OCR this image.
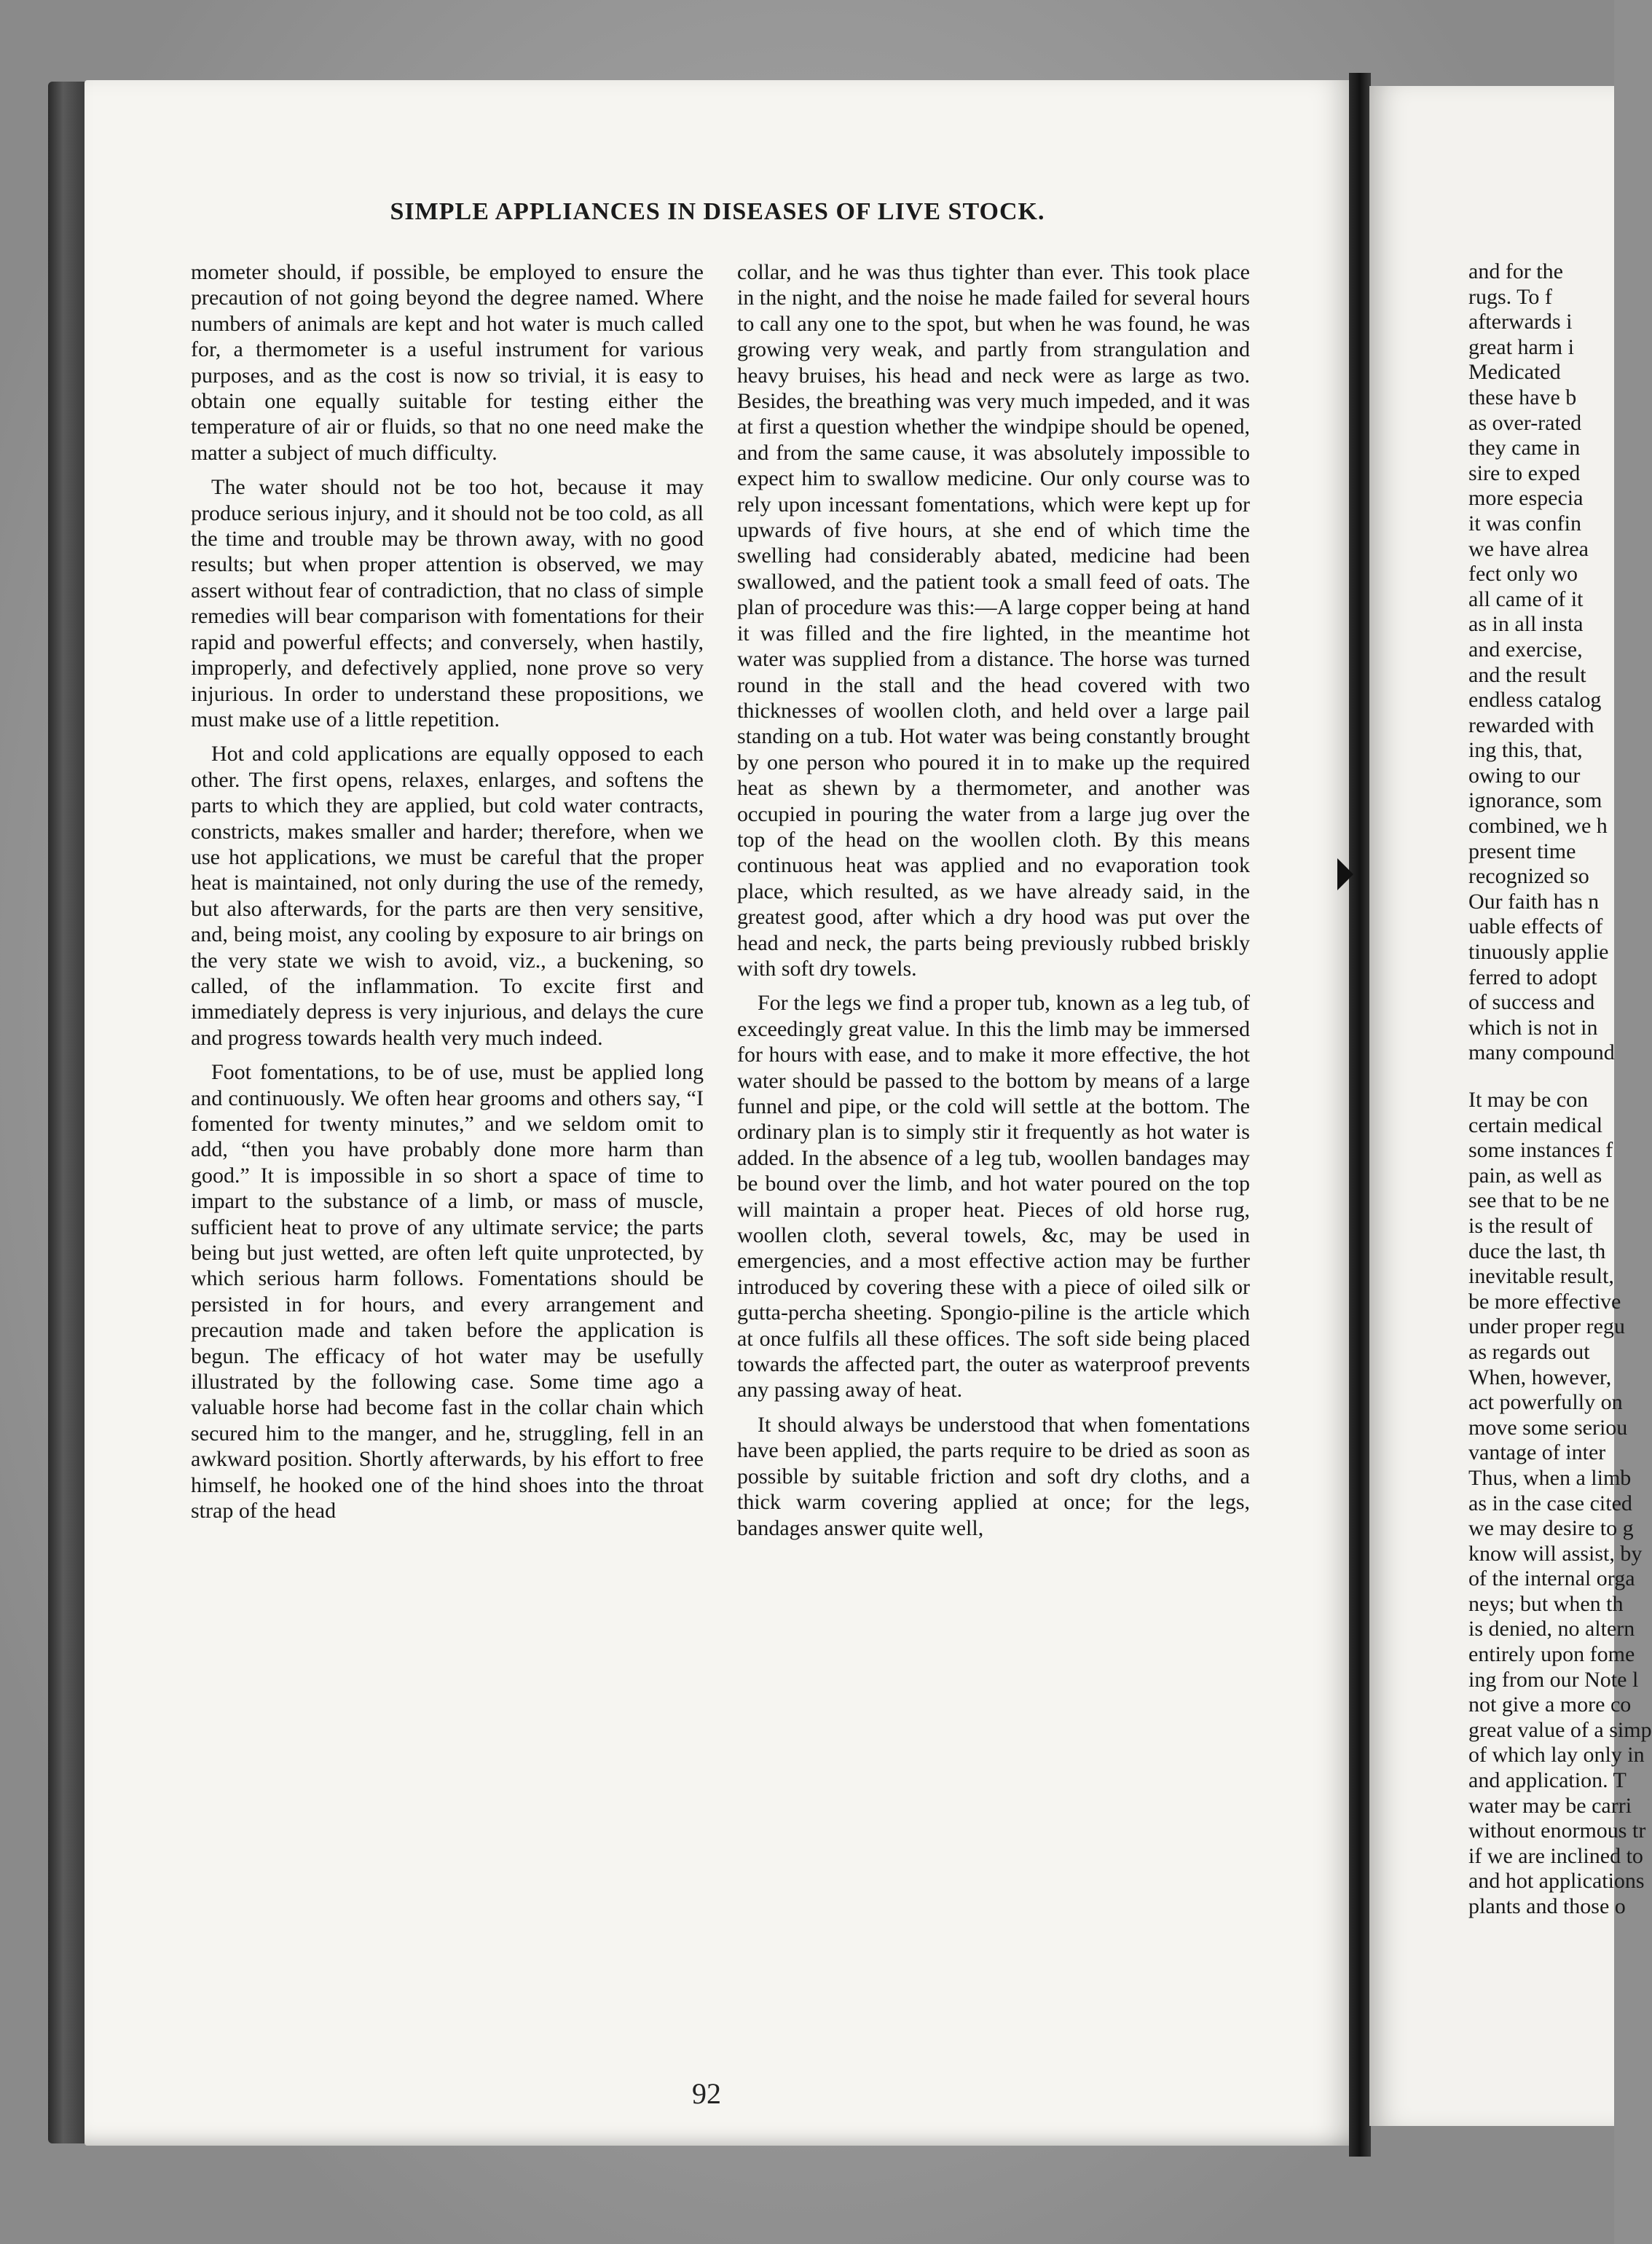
SIMPLE APPLIANCES IN DISEASES OF LIVE STOCK.

mometer should, if possible, be employed to ensure the precaution of not going beyond the degree named. Where numbers of animals are kept and hot water is much called for, a thermometer is a useful instrument for various purposes, and as the cost is now so trivial, it is easy to obtain one equally suitable for testing either the temperature of air or fluids, so that no one need make the matter a subject of much difficulty.

The water should not be too hot, because it may produce serious injury, and it should not be too cold, as all the time and trouble may be thrown away, with no good results; but when proper attention is observed, we may assert without fear of contradiction, that no class of simple remedies will bear comparison with fomentations for their rapid and powerful effects; and conversely, when hastily, improperly, and defectively applied, none prove so very injurious. In order to understand these propositions, we must make use of a little repetition.

Hot and cold applications are equally opposed to each other. The first opens, relaxes, enlarges, and softens the parts to which they are applied, but cold water contracts, constricts, makes smaller and harder; therefore, when we use hot applications, we must be careful that the proper heat is maintained, not only during the use of the remedy, but also afterwards, for the parts are then very sensitive, and, being moist, any cooling by exposure to air brings on the very state we wish to avoid, viz., a buckening, so called, of the inflammation. To excite first and immediately depress is very injurious, and delays the cure and progress towards health very much indeed.

Foot fomentations, to be of use, must be applied long and continuously. We often hear grooms and others say, “I fomented for twenty minutes,” and we seldom omit to add, “then you have probably done more harm than good.” It is impossible in so short a space of time to impart to the substance of a limb, or mass of muscle, sufficient heat to prove of any ultimate service; the parts being but just wetted, are often left quite unprotected, by which serious harm follows. Fomentations should be persisted in for hours, and every arrangement and precaution made and taken before the application is begun. The efficacy of hot water may be usefully illustrated by the following case. Some time ago a valuable horse had become fast in the collar chain which secured him to the manger, and he, struggling, fell in an awkward position. Shortly afterwards, by his effort to free himself, he hooked one of the hind shoes into the throat strap of the head

collar, and he was thus tighter than ever. This took place in the night, and the noise he made failed for several hours to call any one to the spot, but when he was found, he was growing very weak, and partly from strangulation and heavy bruises, his head and neck were as large as two. Besides, the breathing was very much impeded, and it was at first a question whether the windpipe should be opened, and from the same cause, it was absolutely impossible to expect him to swallow medicine. Our only course was to rely upon incessant fomentations, which were kept up for upwards of five hours, at she end of which time the swelling had considerably abated, medicine had been swallowed, and the patient took a small feed of oats. The plan of procedure was this:—A large copper being at hand it was filled and the fire lighted, in the meantime hot water was supplied from a distance. The horse was turned round in the stall and the head covered with two thicknesses of woollen cloth, and held over a large pail standing on a tub. Hot water was being constantly brought by one person who poured it in to make up the required heat as shewn by a thermometer, and another was occupied in pouring the water from a large jug over the top of the head on the woollen cloth. By this means continuous heat was applied and no evaporation took place, which resulted, as we have already said, in the greatest good, after which a dry hood was put over the head and neck, the parts being previously rubbed briskly with soft dry towels.

For the legs we find a proper tub, known as a leg tub, of exceedingly great value. In this the limb may be immersed for hours with ease, and to make it more effective, the hot water should be passed to the bottom by means of a large funnel and pipe, or the cold will settle at the bottom. The ordinary plan is to simply stir it frequently as hot water is added. In the absence of a leg tub, woollen bandages may be bound over the limb, and hot water poured on the top will maintain a proper heat. Pieces of old horse rug, woollen cloth, several towels, &c, may be used in emergencies, and a most effective action may be further introduced by covering these with a piece of oiled silk or gutta-percha sheeting. Spongio-piline is the article which at once fulfils all these offices. The soft side being placed towards the affected part, the outer as waterproof prevents any passing away of heat.

It should always be understood that when fomentations have been applied, the parts require to be dried as soon as possible by suitable friction and soft dry cloths, and a thick warm covering applied at once; for the legs, bandages answer quite well,

and for the
rugs. To f
afterwards i
great harm i
Medicated
these have b
as over-rated
they came in
sire to exped
more especia
it was confin
we have alrea
fect only wo
all came of it
as in all insta
and exercise,
and the result
endless catalog
rewarded with
ing this, that,
owing to our
ignorance, som
combined, we h
present time
recognized so
Our faith has n
uable effects of
tinuously applie
ferred to adopt
of success and
which is not in
many compound
It may be con
certain medical
some instances f
pain, as well as
see that to be ne
is the result of
duce the last, th
inevitable result,
be more effective
under proper regu
as regards out
When, however,
act powerfully on
move some seriou
vantage of inter
Thus, when a limb
as in the case cited
we may desire to g
know will assist, by
of the internal orga
neys; but when th
is denied, no altern
entirely upon fome
ing from our Note l
not give a more co
great value of a simp
of which lay only in
and application. T
water may be carri
without enormous tr
if we are inclined to
and hot applications
plants and those o
92
